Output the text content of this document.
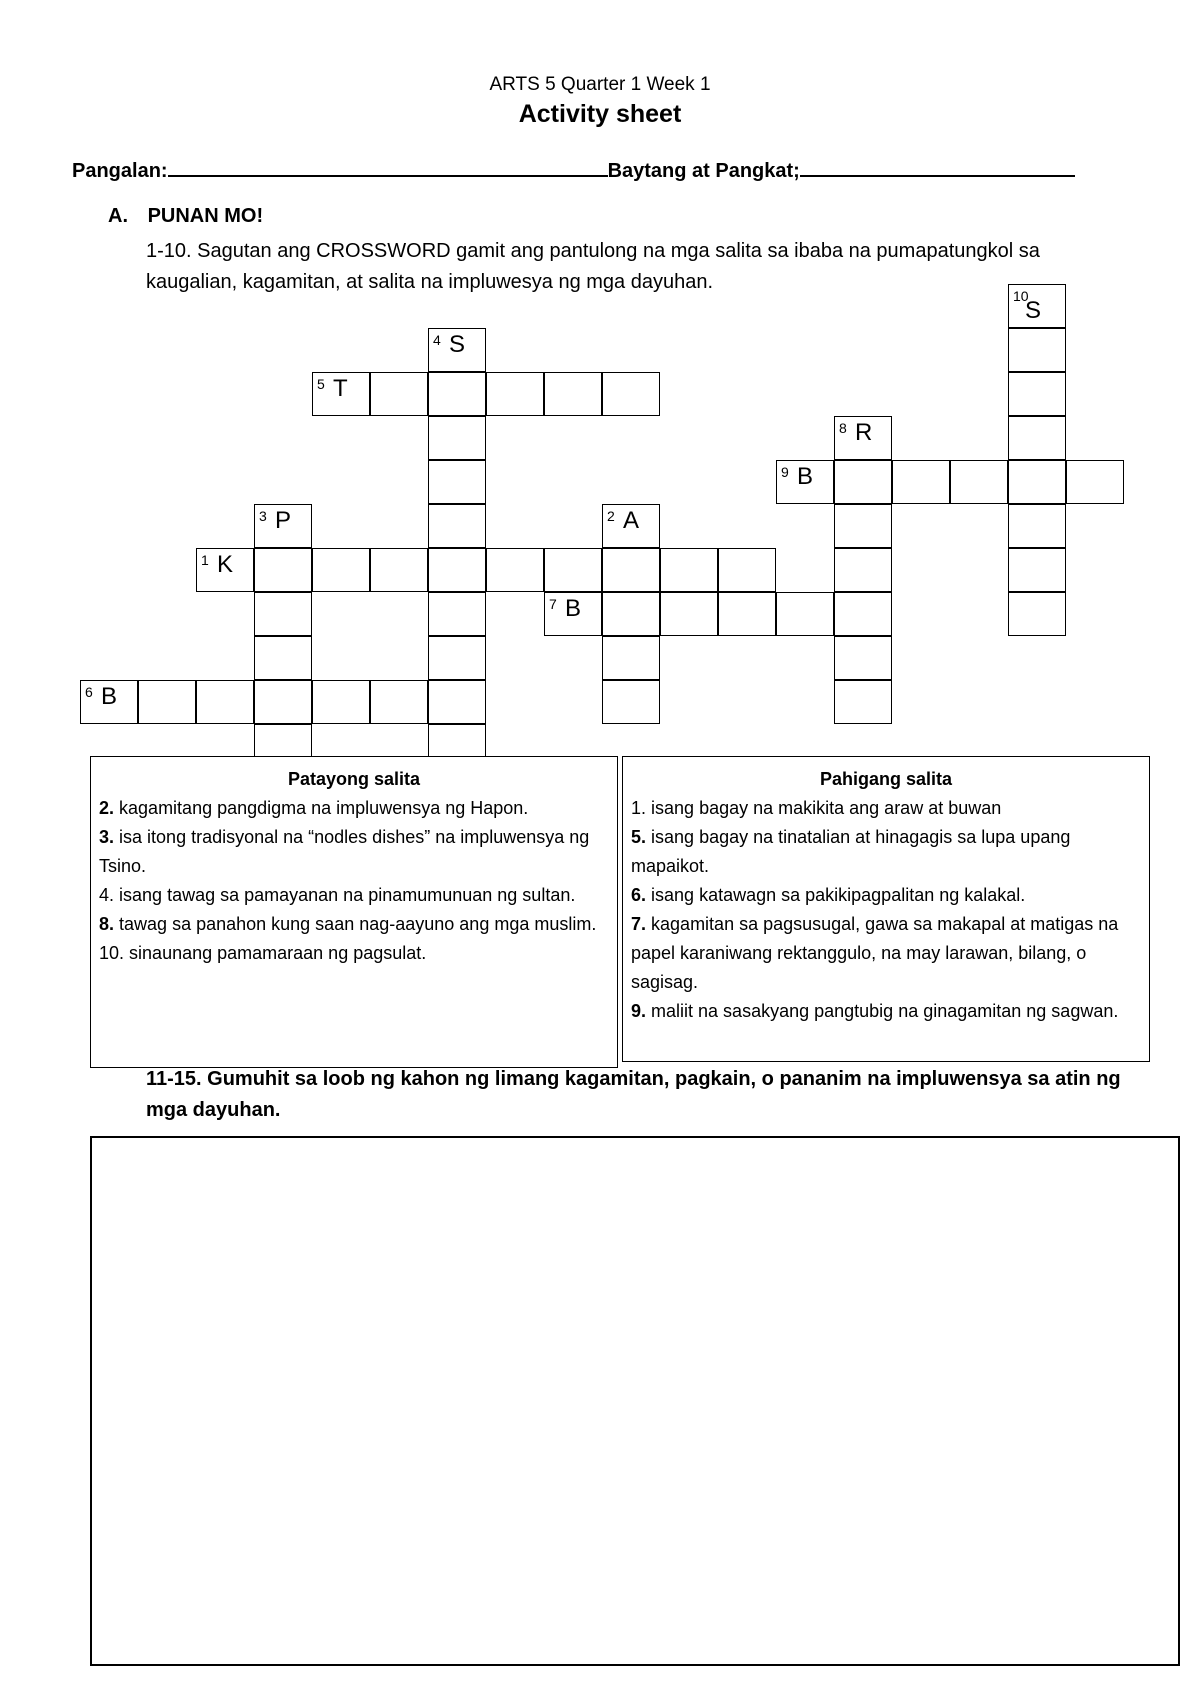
ARTS 5 Quarter 1 Week 1
Activity sheet
Pangalan:	Baytang at Pangkat;
A. PUNAN MO!
1-10. Sagutan ang CROSSWORD gamit ang pantulong na mga salita sa ibaba na pumapatungkol sa kaugalian, kagamitan, at salita na impluwesya ng mga dayuhan.
1 K
2 A
3 P
4 S
5 T
6 B
7 B
8 R
9 B
10
S
Patayong salita
2. kagamitang pangdigma na impluwensya ng Hapon.
3. isa itong tradisyonal na “nodles dishes” na impluwensya ng Tsino.
4. isang tawag sa pamayanan na pinamumunuan ng sultan.
8. tawag sa panahon kung saan nag-aayuno ang mga muslim.
10. sinaunang pamamaraan ng pagsulat.
Pahigang salita
1. isang bagay na makikita ang araw at buwan
5. isang bagay na tinatalian at hinagagis sa lupa upang mapaikot.
6. isang katawagn sa pakikipagpalitan ng kalakal.
7. kagamitan sa pagsusugal, gawa sa makapal at matigas na papel karaniwang rektanggulo, na may larawan, bilang, o sagisag.
9. maliit na sasakyang pangtubig na ginagamitan ng sagwan.
11-15. Gumuhit sa loob ng kahon ng limang kagamitan, pagkain, o pananim na impluwensya sa atin ng mga dayuhan.
